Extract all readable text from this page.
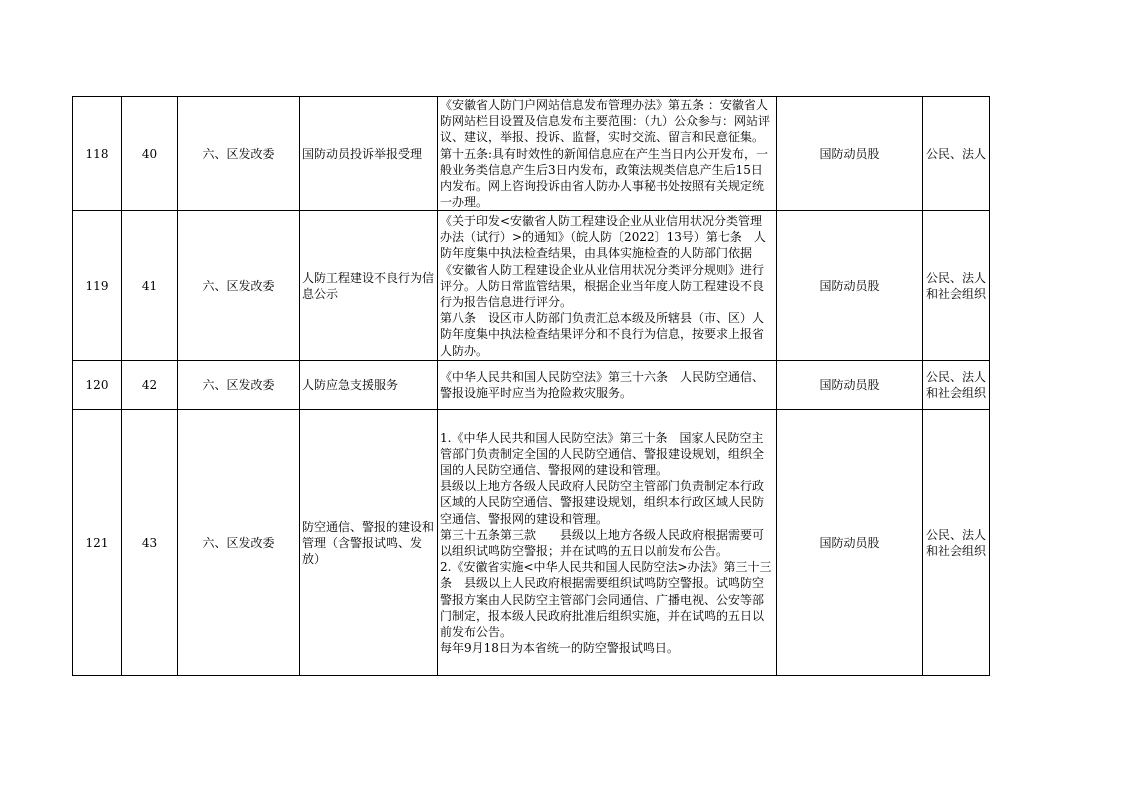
118	40	六、区发改委	国防动员投诉举报受理	《安徽省人防门户网站信息发布管理办法》第五条 ：安徽省人防网站栏目设置及信息发布主要范围：（九）公众参与：网站评议、建议，举报、投诉、监督，实时交流、留言和民意征集。第十五条:具有时效性的新闻信息应在产生当日内公开发布，一般业务类信息产生后3日内发布，政策法规类信息产生后15日内发布。网上咨询投诉由省人防办人事秘书处按照有关规定统一办理。	国防动员股	公民、法人
119	41	六、区发改委	人防工程建设不良行为信息公示	《关于印发<安徽省人防工程建设企业从业信用状况分类管理办法（试行）>的通知》（皖人防〔2022〕13号）第七条　人防年度集中执法检查结果，由具体实施检查的人防部门依据《安徽省人防工程建设企业从业信用状况分类评分规则》进行评分。人防日常监管结果，根据企业当年度人防工程建设不良行为报告信息进行评分。
第八条　设区市人防部门负责汇总本级及所辖县（市、区）人防年度集中执法检查结果评分和不良行为信息，按要求上报省人防办。	国防动员股	公民、法人和社会组织
120	42	六、区发改委	人防应急支援服务	《中华人民共和国人民防空法》第三十六条　人民防空通信、警报设施平时应当为抢险救灾服务。	国防动员股	公民、法人和社会组织
121	43	六、区发改委	防空通信、警报的建设和管理（含警报试鸣、发放）	1.《中华人民共和国人民防空法》第三十条　国家人民防空主管部门负责制定全国的人民防空通信、警报建设规划，组织全国的人民防空通信、警报网的建设和管理。
县级以上地方各级人民政府人民防空主管部门负责制定本行政区域的人民防空通信、警报建设规划，组织本行政区域人民防空通信、警报网的建设和管理。
第三十五条第三款　　县级以上地方各级人民政府根据需要可以组织试鸣防空警报；并在试鸣的五日以前发布公告。
2.《安徽省实施<中华人民共和国人民防空法>办法》第三十三条　县级以上人民政府根据需要组织试鸣防空警报。试鸣防空警报方案由人民防空主管部门会同通信、广播电视、公安等部门制定，报本级人民政府批准后组织实施，并在试鸣的五日以前发布公告。
每年9月18日为本省统一的防空警报试鸣日。	国防动员股	公民、法人和社会组织
